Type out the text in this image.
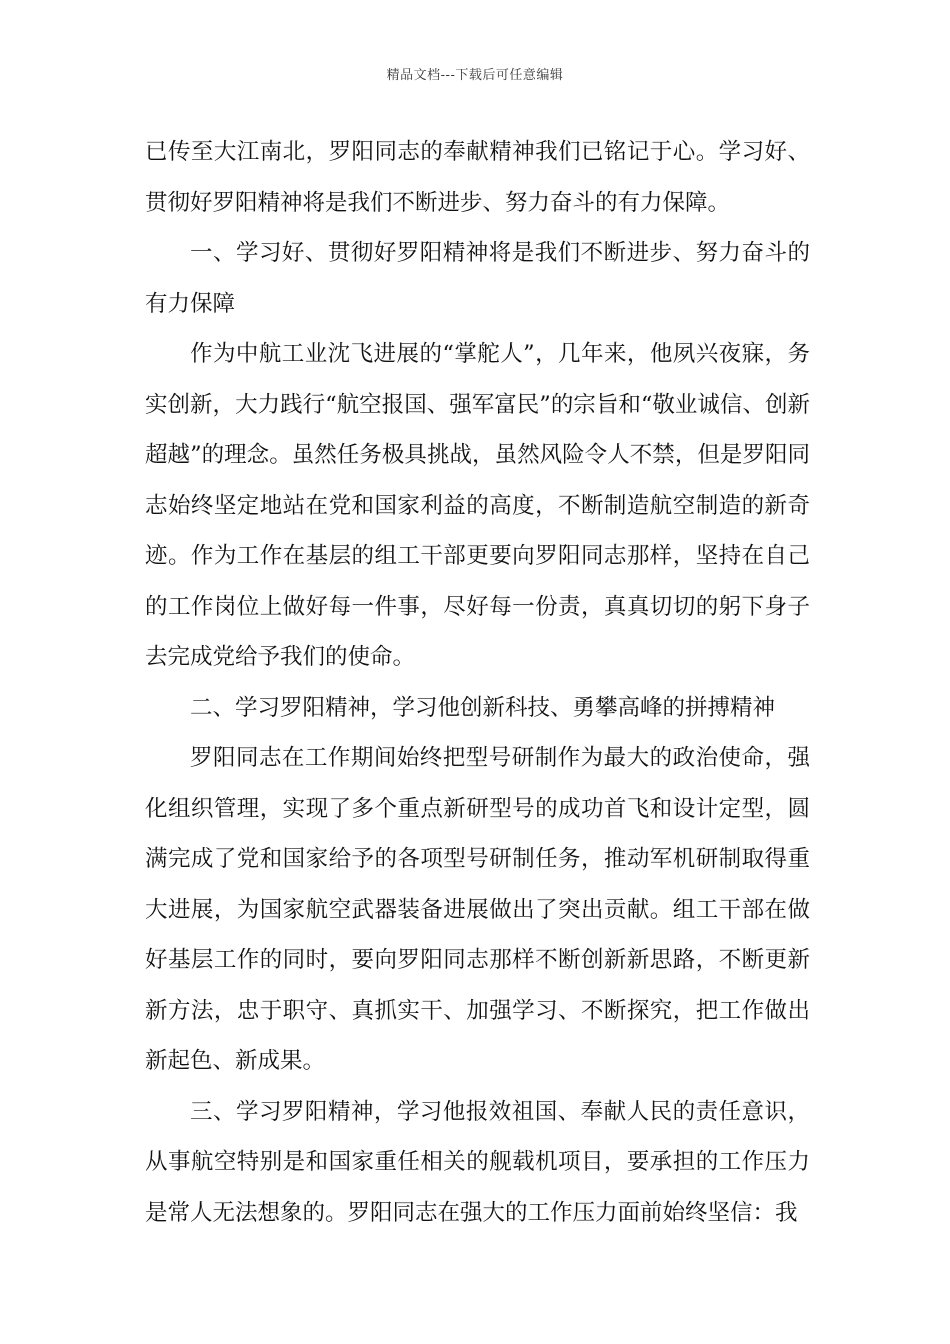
精品文档---下载后可任意编辑

已传至大江南北，罗阳同志的奉献精神我们已铭记于心。学习好、贯彻好罗阳精神将是我们不断进步、努力奋斗的有力保障。

一、学习好、贯彻好罗阳精神将是我们不断进步、努力奋斗的有力保障

作为中航工业沈飞进展的“掌舵人”，几年来，他夙兴夜寐，务实创新，大力践行“航空报国、强军富民”的宗旨和“敬业诚信、创新超越”的理念。虽然任务极具挑战，虽然风险令人不禁，但是罗阳同志始终坚定地站在党和国家利益的高度，不断制造航空制造的新奇迹。作为工作在基层的组工干部更要向罗阳同志那样，坚持在自己的工作岗位上做好每一件事，尽好每一份责，真真切切的躬下身子去完成党给予我们的使命。

二、学习罗阳精神，学习他创新科技、勇攀高峰的拼搏精神

罗阳同志在工作期间始终把型号研制作为最大的政治使命，强化组织管理，实现了多个重点新研型号的成功首飞和设计定型，圆满完成了党和国家给予的各项型号研制任务，推动军机研制取得重大进展，为国家航空武器装备进展做出了突出贡献。组工干部在做好基层工作的同时，要向罗阳同志那样不断创新新思路，不断更新新方法，忠于职守、真抓实干、加强学习、不断探究，把工作做出新起色、新成果。

三、学习罗阳精神，学习他报效祖国、奉献人民的责任意识，从事航空特别是和国家重任相关的舰载机项目，要承担的工作压力是常人无法想象的。罗阳同志在强大的工作压力面前始终坚信：我
